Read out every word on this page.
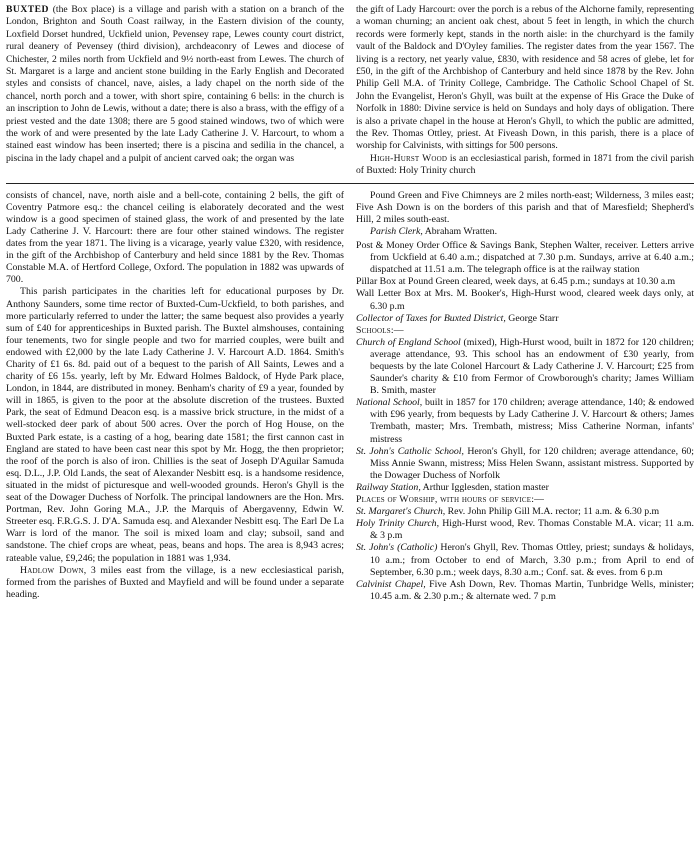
BUXTED (the Box place) is a village and parish with a station on a branch of the London, Brighton and South Coast railway, in the Eastern division of the county, Loxfield Dorset hundred, Uckfield union, Pevensey rape, Lewes county court district, rural deanery of Pevensey (third division), archdeaconry of Lewes and diocese of Chichester, 2 miles north from Uckfield and 9½ north-east from Lewes. The church of St. Margaret is a large and ancient stone building in the Early English and Decorated styles and consists of chancel, nave, aisles, a lady chapel on the north side of the chancel, north porch and a tower, with short spire, containing 6 bells: in the church is an inscription to John de Lewis, without a date; there is also a brass, with the effigy of a priest vested and the date 1308; there are 5 good stained windows, two of which were the work of and were presented by the late Lady Catherine J. V. Harcourt, to whom a stained east window has been inserted; there is a piscina and sedilia in the chancel, a piscina in the lady chapel and a pulpit of ancient carved oak; the organ was

the gift of Lady Harcourt: over the porch is a rebus of the Alchorne family, representing a woman churning; an ancient oak chest, about 5 feet in length, in which the church records were formerly kept, stands in the north aisle: in the churchyard is the family vault of the Baldock and D'Oyley families. The register dates from the year 1567. The living is a rectory, net yearly value, £830, with residence and 58 acres of glebe, let for £50, in the gift of the Archbishop of Canterbury and held since 1878 by the Rev. John Philip Gell M.A. of Trinity College, Cambridge. The Catholic School Chapel of St. John the Evangelist, Heron's Ghyll, was built at the expense of His Grace the Duke of Norfolk in 1880: Divine service is held on Sundays and holy days of obligation. There is also a private chapel in the house at Heron's Ghyll, to which the public are admitted, the Rev. Thomas Ottley, priest. At Fiveash Down, in this parish, there is a place of worship for Calvinists, with sittings for 500 persons.

High-Hurst Wood is an ecclesiastical parish, formed in 1871 from the civil parish of Buxted: Holy Trinity church

consists of chancel, nave, north aisle and a bell-cote, containing 2 bells, the gift of Coventry Patmore esq.: the chancel ceiling is elaborately decorated and the west window is a good specimen of stained glass, the work of and presented by the late Lady Catherine J. V. Harcourt: there are four other stained windows. The register dates from the year 1871. The living is a vicarage, yearly value £320, with residence, in the gift of the Archbishop of Canterbury and held since 1881 by the Rev. Thomas Constable M.A. of Hertford College, Oxford. The population in 1882 was upwards of 700.

This parish participates in the charities left for educational purposes by Dr. Anthony Saunders, some time rector of Buxted-Cum-Uckfield, to both parishes, and more particularly referred to under the latter; the same bequest also provides a yearly sum of £40 for apprenticeships in Buxted parish. The Buxtel almshouses, containing four tenements, two for single people and two for married couples, were built and endowed with £2,000 by the late Lady Catherine J. V. Harcourt A.D. 1864. Smith's Charity of £1 6s. 8d. paid out of a bequest to the parish of All Saints, Lewes and a charity of £6 15s. yearly, left by Mr. Edward Holmes Baldock, of Hyde Park place, London, in 1844, are distributed in money. Benham's charity of £9 a year, founded by will in 1865, is given to the poor at the absolute discretion of the trustees. Buxted Park, the seat of Edmund Deacon esq. is a massive brick structure, in the midst of a well-stocked deer park of about 500 acres. Over the porch of Hog House, on the Buxted Park estate, is a casting of a hog, bearing date 1581; the first cannon cast in England are stated to have been cast near this spot by Mr. Hogg, the then proprietor; the roof of the porch is also of iron. Chillies is the seat of Joseph D'Aguilar Samuda esq. D.L., J.P. Old Lands, the seat of Alexander Nesbitt esq. is a handsome residence, situated in the midst of picturesque and well-wooded grounds. Heron's Ghyll is the seat of the Dowager Duchess of Norfolk. The principal landowners are the Hon. Mrs. Portman, Rev. John Goring M.A., J.P. the Marquis of Abergavenny, Edwin W. Streeter esq. F.R.G.S. J. D'A. Samuda esq. and Alexander Nesbitt esq. The Earl De La Warr is lord of the manor. The soil is mixed loam and clay; subsoil, sand and sandstone. The chief crops are wheat, peas, beans and hops. The area is 8,943 acres; rateable value, £9,246; the population in 1881 was 1,934.

Hadlow Down, 3 miles east from the village, is a new ecclesiastical parish, formed from the parishes of Buxted and Mayfield and will be found under a separate heading.

Pound Green and Five Chimneys are 2 miles north-east; Wilderness, 3 miles east; Five Ash Down is on the borders of this parish and that of Maresfield; Shepherd's Hill, 2 miles south-east.

Parish Clerk, Abraham Wratten.

Post & Money Order Office & Savings Bank, Stephen Walter, receiver. Letters arrive from Uckfield at 6.40 a.m.; dispatched at 7.30 p.m. Sundays, arrive at 6.40 a.m.; dispatched at 11.51 a.m. The telegraph office is at the railway station

Pillar Box at Pound Green cleared, week days, at 6.45 p.m.; sundays at 10.30 a.m

Wall Letter Box at Mrs. M. Booker's, High-Hurst wood, cleared week days only, at 6.30 p.m

Collector of Taxes for Buxted District, George Starr

Schools:—

Church of England School (mixed), High-Hurst wood, built in 1872 for 120 children; average attendance, 93. This school has an endowment of £30 yearly, from bequests by the late Colonel Harcourt & Lady Catherine J. V. Harcourt; £25 from Saunder's charity & £10 from Fermor of Crowborough's charity; James William B. Smith, master

National School, built in 1857 for 170 children; average attendance, 140; & endowed with £96 yearly, from bequests by Lady Catherine J. V. Harcourt & others; James Trembath, master; Mrs. Trembath, mistress; Miss Catherine Norman, infants' mistress

St. John's Catholic School, Heron's Ghyll, for 120 children; average attendance, 60; Miss Annie Swann, mistress; Miss Helen Swann, assistant mistress. Supported by the Dowager Duchess of Norfolk

Railway Station, Arthur Igglesden, station master

Places of Worship, with hours of service:—

St. Margaret's Church, Rev. John Philip Gill M.A. rector; 11 a.m. & 6.30 p.m

Holy Trinity Church, High-Hurst wood, Rev. Thomas Constable M.A. vicar; 11 a.m. & 3 p.m

St. John's (Catholic) Heron's Ghyll, Rev. Thomas Ottley, priest; sundays & holidays, 10 a.m.; from October to end of March, 3.30 p.m.; from April to end of September, 6.30 p.m.; week days, 8.30 a.m.; Conf. sat. & eves. from 6 p.m

Calvinist Chapel, Five Ash Down, Rev. Thomas Martin, Tunbridge Wells, minister; 10.45 a.m. & 2.30 p.m.; & alternate wed. 7 p.m
